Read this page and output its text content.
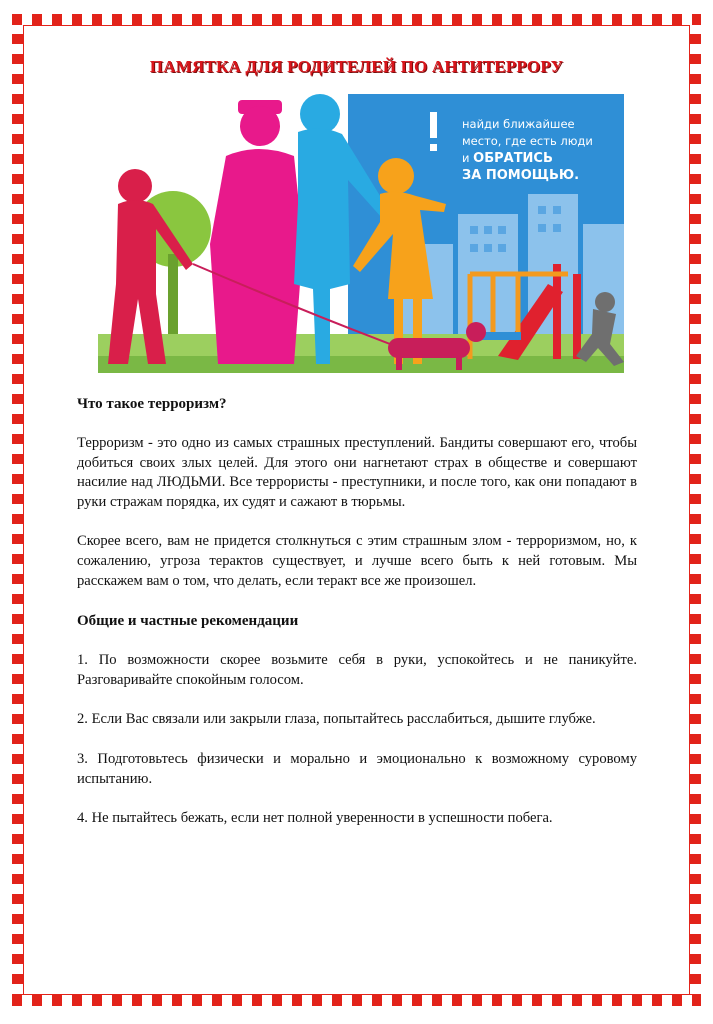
ПАМЯТКА ДЛЯ РОДИТЕЛЕЙ ПО АНТИТЕРРОРУ
найди ближайшее
место, где есть люди
и ОБРАТИСЬ
ЗА ПОМОЩЬЮ.
Что такое терроризм?

Терроризм - это одно из самых страшных преступлений. Бандиты совершают его, чтобы добиться своих злых целей. Для этого они нагнетают страх в обществе и совершают насилие над ЛЮДЬМИ. Все террористы - преступники, и после того, как они попадают в руки стражам порядка, их судят и сажают в тюрьмы.

Скорее всего, вам не придется столкнуться с этим страшным злом - терроризмом, но, к сожалению, угроза терактов существует, и лучше всего быть к ней готовым. Мы расскажем вам о том, что делать, если теракт все же произошел.

Общие и частные рекомендации

1. По возможности скорее возьмите себя в руки, успокойтесь и не паникуйте. Разговаривайте спокойным голосом.

2. Если Вас связали или закрыли глаза, попытайтесь расслабиться, дышите глубже.

3. Подготовьтесь физически и морально и эмоционально к возможному суровому испытанию.

4. Не пытайтесь бежать, если нет полной уверенности в успешности побега.
